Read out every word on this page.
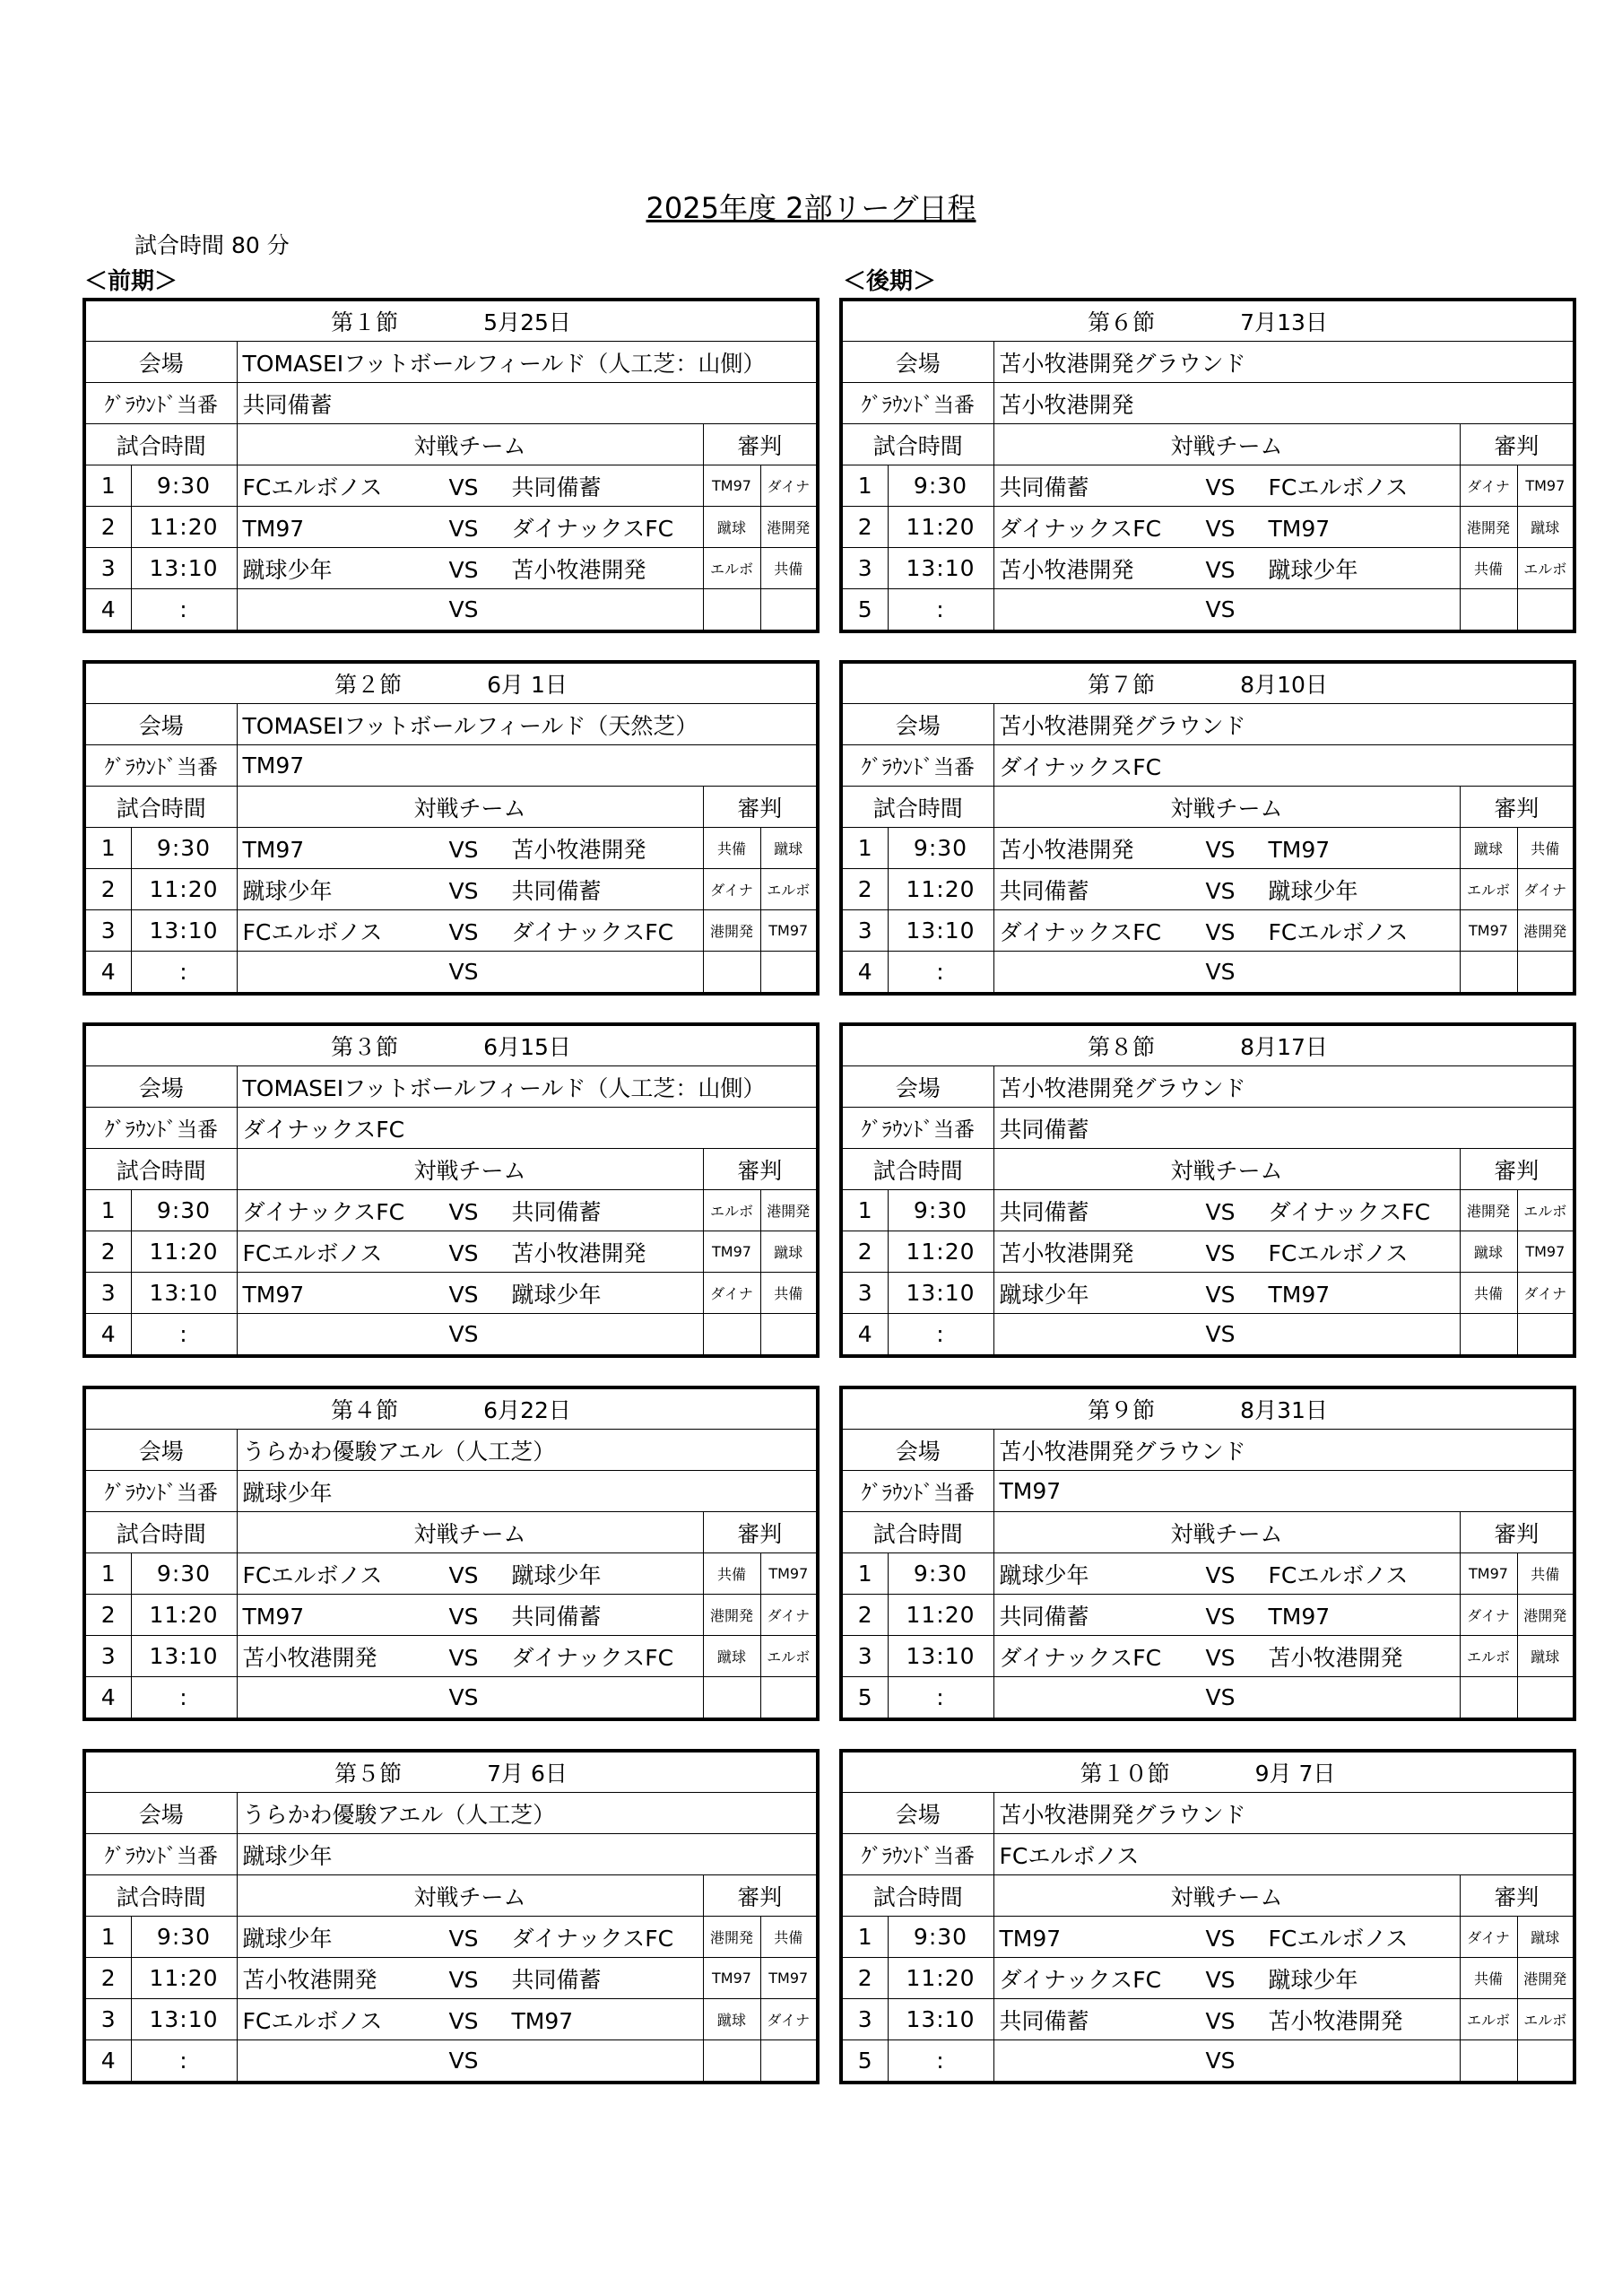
2025年度 2部リーグ日程
試合時間 80 分
＜前期＞	＜後期＞
第１節 5月25日				
会場		TOMASEIフットボールフィールド（人工芝：山側）		
ｸﾞﾗｳﾝﾄﾞ当番		共同備蓄		
試合時間		対戦チーム	審判	
1	9:30	FCエルボノス VS 共同備蓄	TM97	ダイナ
2	11:20	TM97 VS ダイナックスFC	蹴球	港開発
3	13:10	蹴球少年 VS 苫小牧港開発	エルボ	共備
4	:	VS		
第２節 6月 1日				
会場		TOMASEIフットボールフィールド（天然芝）		
ｸﾞﾗｳﾝﾄﾞ当番		TM97		
試合時間		対戦チーム	審判	
1	9:30	TM97 VS 苫小牧港開発	共備	蹴球
2	11:20	蹴球少年 VS 共同備蓄	ダイナ	エルボ
3	13:10	FCエルボノス VS ダイナックスFC	港開発	TM97
4	:	VS		
第３節 6月15日				
会場		TOMASEIフットボールフィールド（人工芝：山側）		
ｸﾞﾗｳﾝﾄﾞ当番		ダイナックスFC		
試合時間		対戦チーム	審判	
1	9:30	ダイナックスFC VS 共同備蓄	エルボ	港開発
2	11:20	FCエルボノス VS 苫小牧港開発	TM97	蹴球
3	13:10	TM97 VS 蹴球少年	ダイナ	共備
4	:	VS		
第４節 6月22日				
会場		うらかわ優駿アエル（人工芝）		
ｸﾞﾗｳﾝﾄﾞ当番		蹴球少年		
試合時間		対戦チーム	審判	
1	9:30	FCエルボノス VS 蹴球少年	共備	TM97
2	11:20	TM97 VS 共同備蓄	港開発	ダイナ
3	13:10	苫小牧港開発 VS ダイナックスFC	蹴球	エルボ
4	:	VS		
第５節 7月 6日				
会場		うらかわ優駿アエル（人工芝）		
ｸﾞﾗｳﾝﾄﾞ当番		蹴球少年		
試合時間		対戦チーム	審判	
1	9:30	蹴球少年 VS ダイナックスFC	港開発	共備
2	11:20	苫小牧港開発 VS 共同備蓄	TM97	TM97
3	13:10	FCエルボノス VS TM97	蹴球	ダイナ
4	:	VS		
第６節 7月13日				
会場		苫小牧港開発グラウンド		
ｸﾞﾗｳﾝﾄﾞ当番		苫小牧港開発		
試合時間		対戦チーム	審判	
1	9:30	共同備蓄 VS FCエルボノス	ダイナ	TM97
2	11:20	ダイナックスFC VS TM97	港開発	蹴球
3	13:10	苫小牧港開発 VS 蹴球少年	共備	エルボ
5	:	VS		
第７節 8月10日				
会場		苫小牧港開発グラウンド		
ｸﾞﾗｳﾝﾄﾞ当番		ダイナックスFC		
試合時間		対戦チーム	審判	
1	9:30	苫小牧港開発 VS TM97	蹴球	共備
2	11:20	共同備蓄 VS 蹴球少年	エルボ	ダイナ
3	13:10	ダイナックスFC VS FCエルボノス	TM97	港開発
4	:	VS		
第８節 8月17日				
会場		苫小牧港開発グラウンド		
ｸﾞﾗｳﾝﾄﾞ当番		共同備蓄		
試合時間		対戦チーム	審判	
1	9:30	共同備蓄 VS ダイナックスFC	港開発	エルボ
2	11:20	苫小牧港開発 VS FCエルボノス	蹴球	TM97
3	13:10	蹴球少年 VS TM97	共備	ダイナ
4	:	VS		
第９節 8月31日				
会場		苫小牧港開発グラウンド		
ｸﾞﾗｳﾝﾄﾞ当番		TM97		
試合時間		対戦チーム	審判	
1	9:30	蹴球少年 VS FCエルボノス	TM97	共備
2	11:20	共同備蓄 VS TM97	ダイナ	港開発
3	13:10	ダイナックスFC VS 苫小牧港開発	エルボ	蹴球
5	:	VS		
第１０節 9月 7日				
会場		苫小牧港開発グラウンド		
ｸﾞﾗｳﾝﾄﾞ当番		FCエルボノス		
試合時間		対戦チーム	審判	
1	9:30	TM97 VS FCエルボノス	ダイナ	蹴球
2	11:20	ダイナックスFC VS 蹴球少年	共備	港開発
3	13:10	共同備蓄 VS 苫小牧港開発	エルボ	エルボ
5	:	VS		
